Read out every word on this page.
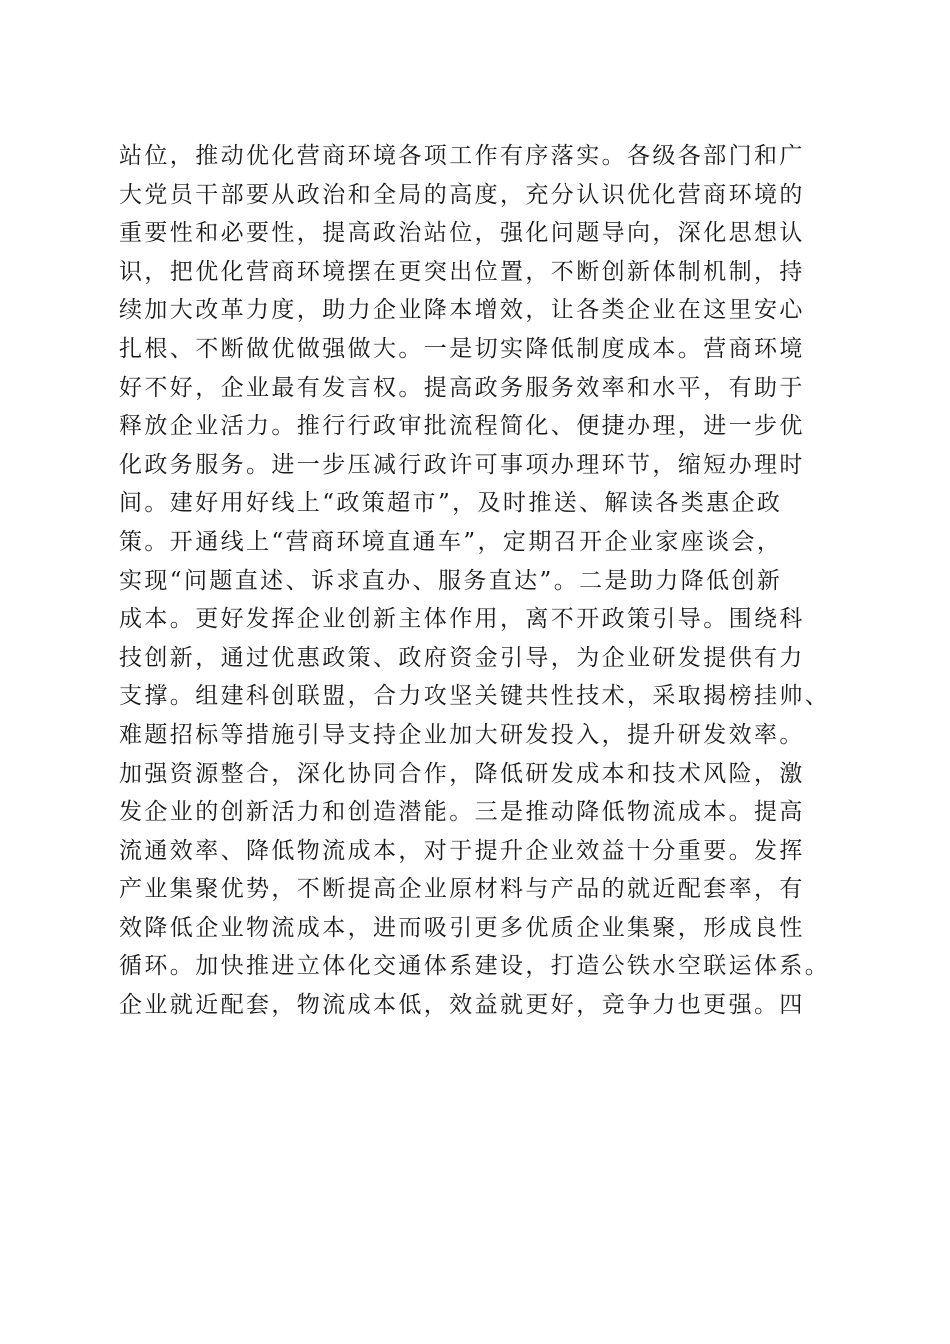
站位，推动优化营商环境各项工作有序落实。各级各部门和广
大党员干部要从政治和全局的高度，充分认识优化营商环境的
重要性和必要性，提高政治站位，强化问题导向，深化思想认
识，把优化营商环境摆在更突出位置，不断创新体制机制，持
续加大改革力度，助力企业降本增效，让各类企业在这里安心
扎根、不断做优做强做大。一是切实降低制度成本。营商环境
好不好，企业最有发言权。提高政务服务效率和水平，有助于
释放企业活力。推行行政审批流程简化、便捷办理，进一步优
化政务服务。进一步压减行政许可事项办理环节，缩短办理时
间。建好用好线上“政策超市”，及时推送、解读各类惠企政
策。开通线上“营商环境直通车”，定期召开企业家座谈会，
实现“问题直述、诉求直办、服务直达”。二是助力降低创新
成本。更好发挥企业创新主体作用，离不开政策引导。围绕科
技创新，通过优惠政策、政府资金引导，为企业研发提供有力
支撑。组建科创联盟，合力攻坚关键共性技术，采取揭榜挂帅、
难题招标等措施引导支持企业加大研发投入，提升研发效率。
加强资源整合，深化协同合作，降低研发成本和技术风险，激
发企业的创新活力和创造潜能。三是推动降低物流成本。提高
流通效率、降低物流成本，对于提升企业效益十分重要。发挥
产业集聚优势，不断提高企业原材料与产品的就近配套率，有
效降低企业物流成本，进而吸引更多优质企业集聚，形成良性
循环。加快推进立体化交通体系建设，打造公铁水空联运体系。
企业就近配套，物流成本低，效益就更好，竞争力也更强。四
